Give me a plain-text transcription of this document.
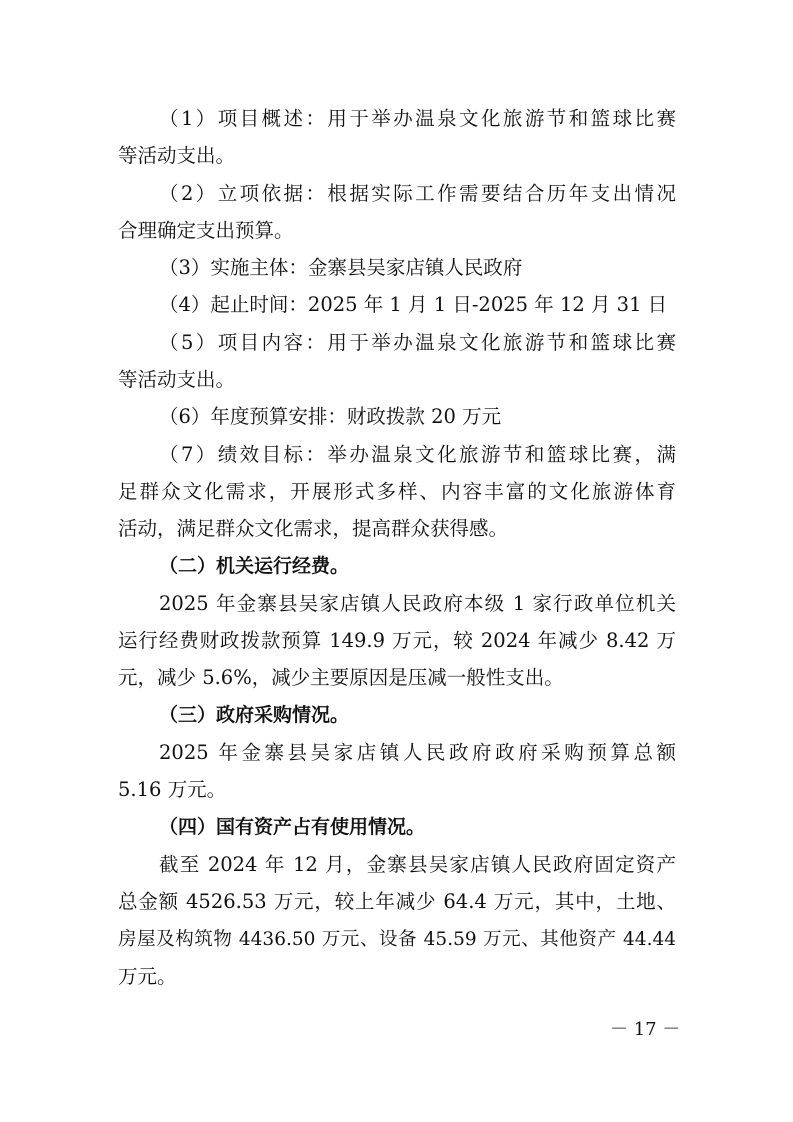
（1）项目概述：用于举办温泉文化旅游节和篮球比赛

等活动支出。

（2）立项依据：根据实际工作需要结合历年支出情况

合理确定支出预算。

（3）实施主体：金寨县吴家店镇人民政府

（4）起止时间：2025 年 1 月 1 日-2025 年 12 月 31 日

（5）项目内容：用于举办温泉文化旅游节和篮球比赛

等活动支出。

（6）年度预算安排：财政拨款 20 万元

（7）绩效目标：举办温泉文化旅游节和篮球比赛，满

足群众文化需求，开展形式多样、内容丰富的文化旅游体育

活动，满足群众文化需求，提高群众获得感。

（二）机关运行经费。

2025 年金寨县吴家店镇人民政府本级 1 家行政单位机关

运行经费财政拨款预算 149.9 万元，较 2024 年减少 8.42 万

元，减少 5.6%，减少主要原因是压减一般性支出。

（三）政府采购情况。

2025 年金寨县吴家店镇人民政府政府采购预算总额

5.16 万元。

（四）国有资产占有使用情况。

截至 2024 年 12 月，金寨县吴家店镇人民政府固定资产

总金额 4526.53 万元，较上年减少 64.4 万元，其中，土地、

房屋及构筑物 4436.50 万元、设备 45.59 万元、其他资产 44.44

万元。

－ 17 －
